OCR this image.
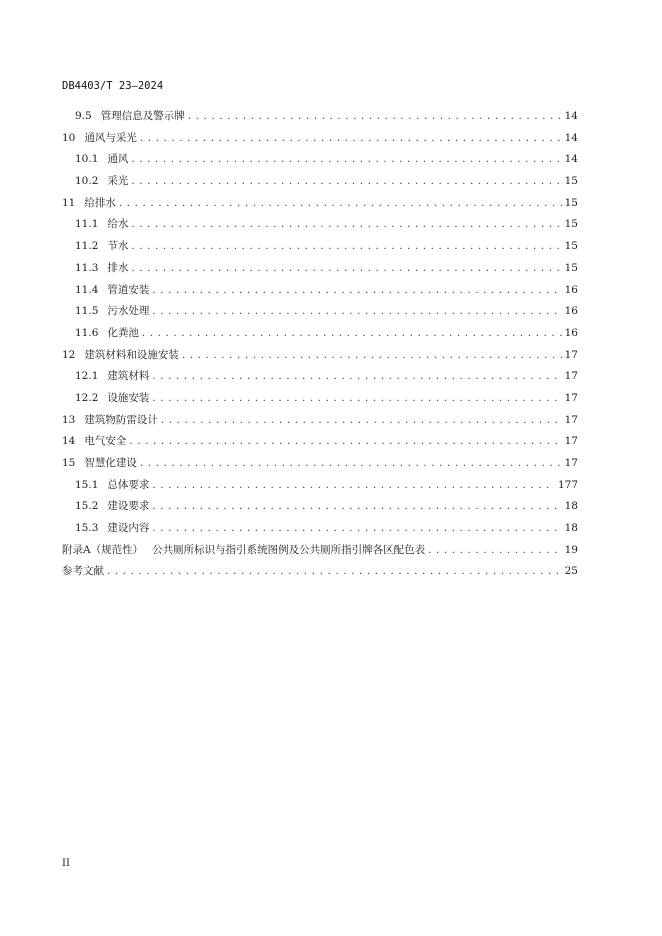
DB4403/T 23—2024
9.5 管理信息及警示牌 . . .	14
10 通风与采光 . . .	14
10.1 通风 . . .	14
10.2 采光 . . .	15
11 给排水 . . .	15
11.1 给水 . . .	15
11.2 节水 . . .	15
11.3 排水 . . .	15
11.4 管道安装 . . .	16
11.5 污水处理 . . .	16
11.6 化粪池 . . .	16
12 建筑材料和设施安装 . . .	17
12.1 建筑材料 . . .	17
12.2 设施安装 . . .	17
13 建筑物防雷设计 . . .	17
14 电气安全 . . .	17
15 智慧化建设 . . .	17
15.1 总体要求 . . .	177
15.2 建设要求 . . .	18
15.3 建设内容 . . .	18
附录A（规范性） 公共厕所标识与指引系统图例及公共厕所指引牌各区配色表 . . .	19
参考文献 . . .	25
II
